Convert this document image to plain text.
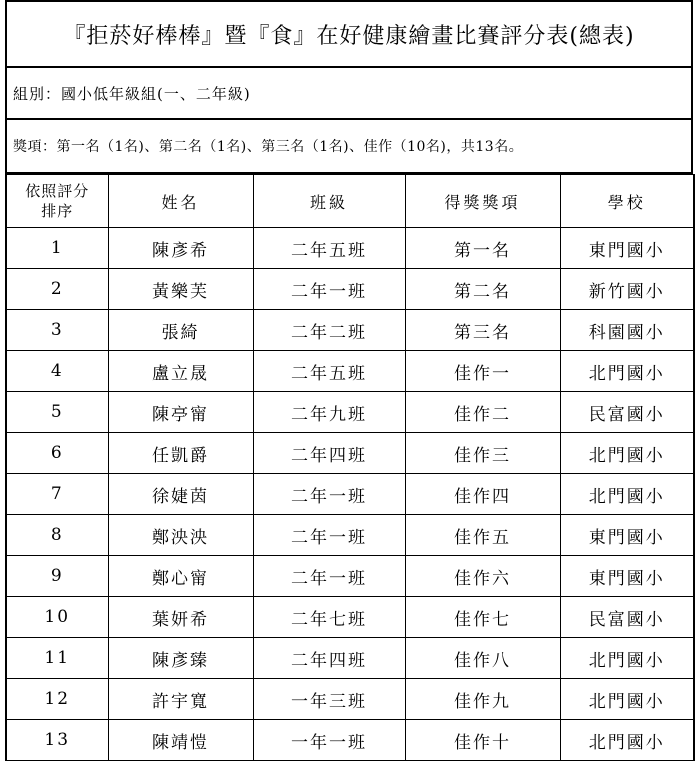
『拒菸好棒棒』暨『食』在好健康繪畫比賽評分表(總表)
組別：國小低年級組(一、二年級)
獎項：第一名（1名)、第二名（1名)、第三名（1名)、佳作（10名)，共13名。
依照評分
排序	姓名	班級	得獎獎項	學校
1	陳彥希	二年五班	第一名	東門國小
2	黃樂芙	二年一班	第二名	新竹國小
3	張綺	二年二班	第三名	科園國小
4	盧立晟	二年五班	佳作一	北門國小
5	陳亭甯	二年九班	佳作二	民富國小
6	任凱爵	二年四班	佳作三	北門國小
7	徐婕茵	二年一班	佳作四	北門國小
8	鄭泱泱	二年一班	佳作五	東門國小
9	鄭心甯	二年一班	佳作六	東門國小
10	葉妍希	二年七班	佳作七	民富國小
11	陳彥臻	二年四班	佳作八	北門國小
12	許宇寬	一年三班	佳作九	北門國小
13	陳靖愷	一年一班	佳作十	北門國小
